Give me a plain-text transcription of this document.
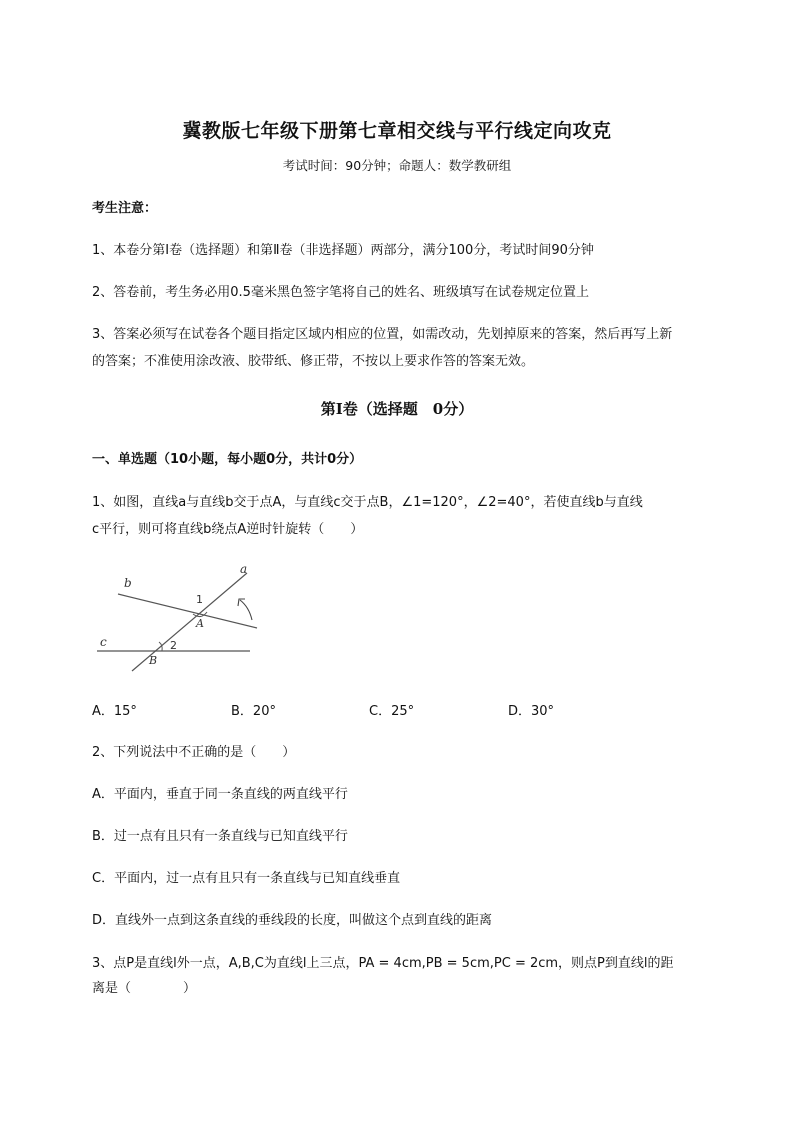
冀教版七年级下册第七章相交线与平行线定向攻克
考试时间：90分钟；命题人：数学教研组
考生注意：
1、本卷分第I卷（选择题）和第Ⅱ卷（非选择题）两部分，满分100分，考试时间90分钟
2、答卷前，考生务必用0.5毫米黑色签字笔将自己的姓名、班级填写在试卷规定位置上
3、答案必须写在试卷各个题目指定区域内相应的位置，如需改动，先划掉原来的答案，然后再写上新
的答案；不准使用涂改液、胶带纸、修正带，不按以上要求作答的答案无效。
第I卷（选择题　0分）
一、单选题（10小题，每小题0分，共计0分）
1、如图，直线a与直线b交于点A，与直线c交于点B，∠1=120°，∠2=40°，若使直线b与直线
c平行，则可将直线b绕点A逆时针旋转（　　）
a
b
c
A
B
1
2
A．15°	B．20°	C．25°	D．30°
2、下列说法中不正确的是（　　）
A．平面内，垂直于同一条直线的两直线平行
B．过一点有且只有一条直线与已知直线平行
C．平面内，过一点有且只有一条直线与已知直线垂直
D．直线外一点到这条直线的垂线段的长度，叫做这个点到直线的距离
3、点P是直线l外一点，A,B,C为直线l上三点，PA = 4cm,PB = 5cm,PC = 2cm，则点P到直线l的距
离是（　　　　）
